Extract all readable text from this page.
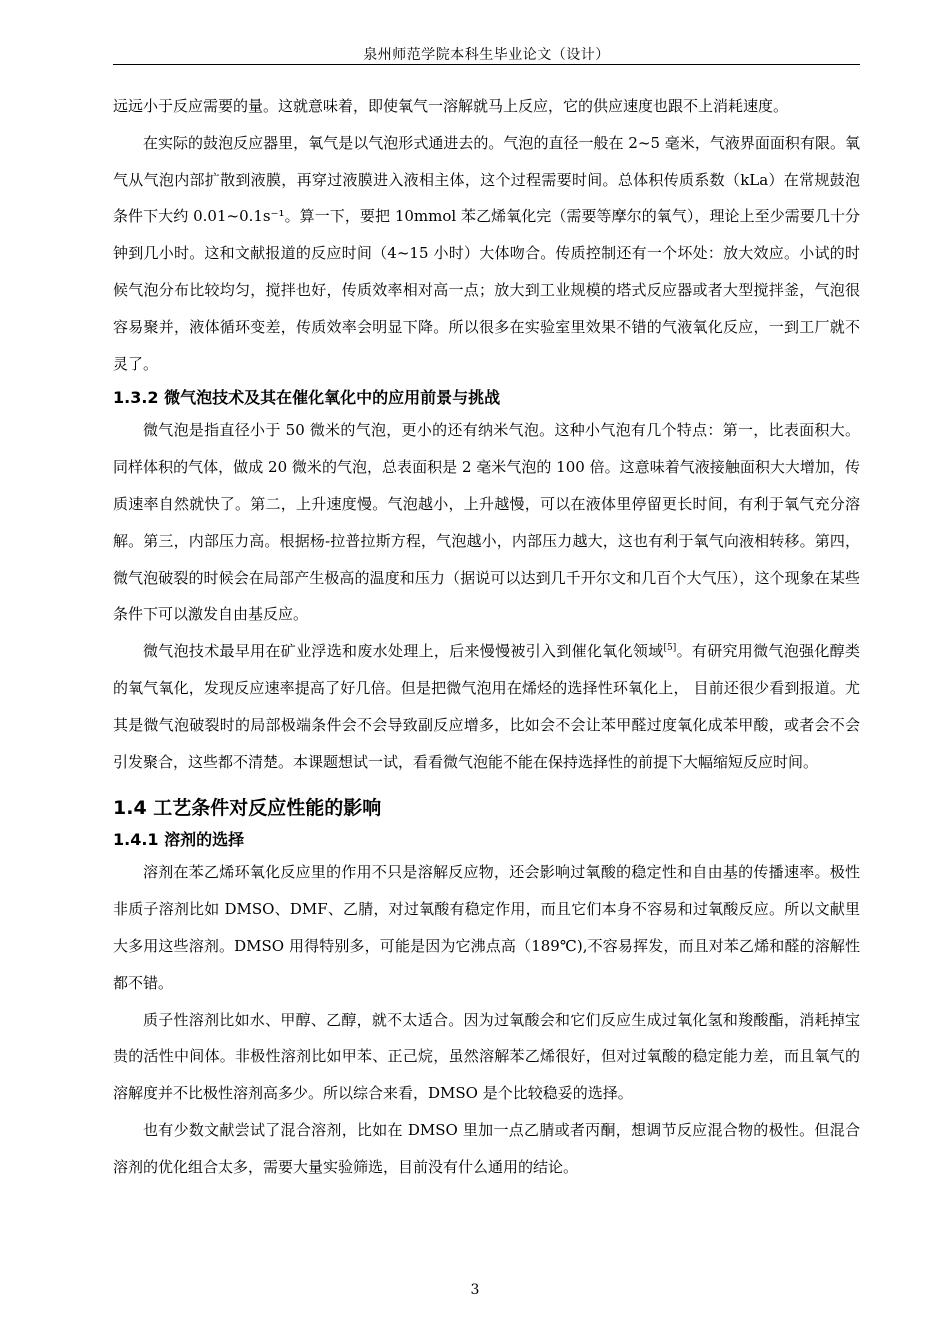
泉州师范学院本科生毕业论文（设计）

远远小于反应需要的量。这就意味着，即使氧气一溶解就马上反应，它的供应速度也跟不上消耗速度。

在实际的鼓泡反应器里，氧气是以气泡形式通进去的。气泡的直径一般在 2~5 毫米，气液界面面积有限。氧气从气泡内部扩散到液膜，再穿过液膜进入液相主体，这个过程需要时间。总体积传质系数（kLa）在常规鼓泡条件下大约 0.01~0.1s⁻¹。算一下，要把 10mmol 苯乙烯氧化完（需要等摩尔的氧气），理论上至少需要几十分钟到几小时。这和文献报道的反应时间（4~15 小时）大体吻合。传质控制还有一个坏处：放大效应。小试的时候气泡分布比较均匀，搅拌也好，传质效率相对高一点；放大到工业规模的塔式反应器或者大型搅拌釜，气泡很容易聚并，液体循环变差，传质效率会明显下降。所以很多在实验室里效果不错的气液氧化反应，一到工厂就不灵了。

1.3.2 微气泡技术及其在催化氧化中的应用前景与挑战

微气泡是指直径小于 50 微米的气泡，更小的还有纳米气泡。这种小气泡有几个特点：第一，比表面积大。同样体积的气体，做成 20 微米的气泡，总表面积是 2 毫米气泡的 100 倍。这意味着气液接触面积大大增加，传质速率自然就快了。第二，上升速度慢。气泡越小，上升越慢，可以在液体里停留更长时间，有利于氧气充分溶解。第三，内部压力高。根据杨-拉普拉斯方程，气泡越小，内部压力越大，这也有利于氧气向液相转移。第四，微气泡破裂的时候会在局部产生极高的温度和压力（据说可以达到几千开尔文和几百个大气压），这个现象在某些条件下可以激发自由基反应。

微气泡技术最早用在矿业浮选和废水处理上，后来慢慢被引入到催化氧化领域[5]。有研究用微气泡强化醇类的氧气氧化，发现反应速率提高了好几倍。但是把微气泡用在烯烃的选择性环氧化上， 目前还很少看到报道。尤其是微气泡破裂时的局部极端条件会不会导致副反应增多，比如会不会让苯甲醛过度氧化成苯甲酸，或者会不会引发聚合，这些都不清楚。本课题想试一试，看看微气泡能不能在保持选择性的前提下大幅缩短反应时间。

1.4 工艺条件对反应性能的影响

1.4.1 溶剂的选择

溶剂在苯乙烯环氧化反应里的作用不只是溶解反应物，还会影响过氧酸的稳定性和自由基的传播速率。极性非质子溶剂比如 DMSO、DMF、乙腈，对过氧酸有稳定作用，而且它们本身不容易和过氧酸反应。所以文献里大多用这些溶剂。DMSO 用得特别多，可能是因为它沸点高（189℃),不容易挥发，而且对苯乙烯和醛的溶解性都不错。

质子性溶剂比如水、甲醇、乙醇，就不太适合。因为过氧酸会和它们反应生成过氧化氢和羧酸酯，消耗掉宝贵的活性中间体。非极性溶剂比如甲苯、正己烷，虽然溶解苯乙烯很好，但对过氧酸的稳定能力差，而且氧气的溶解度并不比极性溶剂高多少。所以综合来看，DMSO 是个比较稳妥的选择。

也有少数文献尝试了混合溶剂，比如在 DMSO 里加一点乙腈或者丙酮，想调节反应混合物的极性。但混合溶剂的优化组合太多，需要大量实验筛选，目前没有什么通用的结论。

3
